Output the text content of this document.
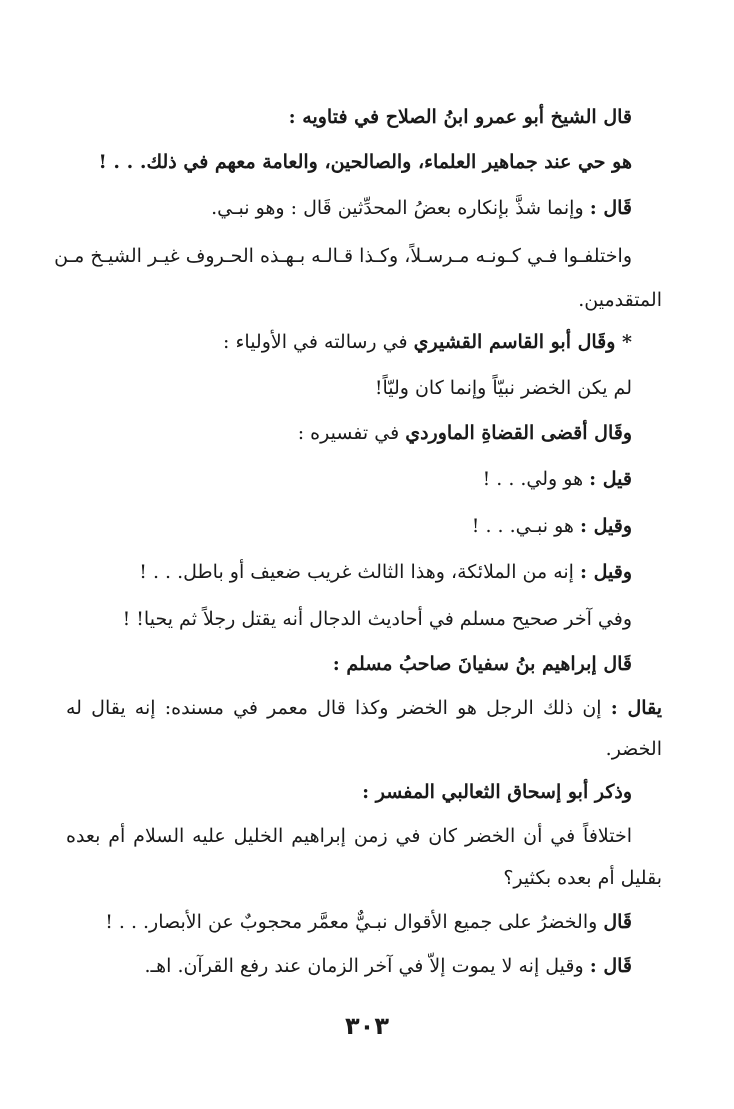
قال الشيخ أبو عمرو ابنُ الصلاح في فتاويه :
هو حي عند جماهير العلماء، والصالحين، والعامة معهم في ذلك. . . !
قَال : وإنما شذَّ بإنكاره بعضُ المحدِّثين قَال : وهو نبـي.
واختلفـوا فـي كـونـه مـرسـلاً، وكـذا قـالـه بـهـذه الحـروف غيـر الشيـخ مـن
المتقدمين.
* وقَال أبو القاسم القشيري في رسالته في الأولياء :
لم يكن الخضر نبيّاً وإنما كان وليّاً!
وقَال أقضى القضاةِ الماوردي في تفسيره :
قيل : هو ولي. . . !
وقيل : هو نبـي. . . !
وقيل : إنه من الملائكة، وهذا الثالث غريب ضعيف أو باطل. . . !
وفي آخر صحيح مسلم في أحاديث الدجال أنه يقتل رجلاً ثم يحيا! !
قَال إبراهيم بنُ سفيانَ صاحبُ مسلم :
يقال : إن ذلك الرجل هو الخضر وكذا قال معمر في مسنده: إنه يقال له
الخضر.
وذكر أبو إسحاق الثعالبي المفسر :
اختلافاً في أن الخضر كان في زمن إبراهيم الخليل عليه السلام أم بعده
بقليل أم بعده بكثير؟
قَال والخضرُ على جميع الأقوال نبـيٌّ معمَّر محجوبٌ عن الأبصار. . . !
قَال : وقيل إنه لا يموت إلاّ في آخر الزمان عند رفع القرآن. اهـ.
٣٠٣
